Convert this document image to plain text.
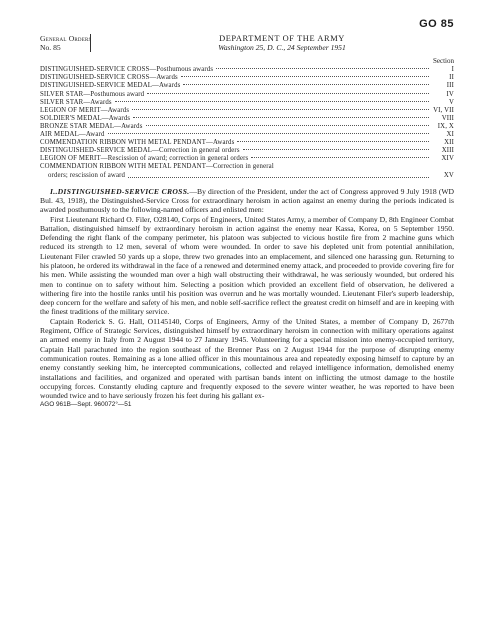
GO 85
General Orders
No. 85
DEPARTMENT OF THE ARMY
Washington 25, D. C., 24 September 1951
Section
DISTINGUISHED-SERVICE CROSS—Posthumous awards	I
DISTINGUISHED-SERVICE CROSS—Awards	II
DISTINGUISHED-SERVICE MEDAL—Awards	III
SILVER STAR—Posthumous award	IV
SILVER STAR—Awards	V
LEGION OF MERIT—Awards	VI, VII
SOLDIER'S MEDAL—Awards	VIII
BRONZE STAR MEDAL—Awards	IX, X
AIR MEDAL—Award	XI
COMMENDATION RIBBON WITH METAL PENDANT—Awards	XII
DISTINGUISHED-SERVICE MEDAL—Correction in general orders	XIII
LEGION OF MERIT—Rescission of award; correction in general orders	XIV
COMMENDATION RIBBON WITH METAL PENDANT—Correction in general
orders; rescission of award	XV
I..DISTINGUISHED-SERVICE CROSS.—By direction of the President, under the act of Congress approved 9 July 1918 (WD Bul. 43, 1918), the Distinguished-Service Cross for extraordinary heroism in action against an enemy during the periods indicated is awarded posthumously to the following-named officers and enlisted men:

First Lieutenant Richard O. Filer, O28140, Corps of Engineers, United States Army, a member of Company D, 8th Engineer Combat Battalion, distinguished himself by extraordinary heroism in action against the enemy near Kassa, Korea, on 5 September 1950. Defending the right flank of the company perimeter, his platoon was subjected to vicious hostile fire from 2 machine guns which reduced its strength to 12 men, several of whom were wounded. In order to save his depleted unit from potential annihilation, Lieutenant Filer crawled 50 yards up a slope, threw two grenades into an emplacement, and silenced one harassing gun. Returning to his platoon, he ordered its withdrawal in the face of a renewed and determined enemy attack, and proceeded to provide covering fire for his men. While assisting the wounded man over a high wall obstructing their withdrawal, he was seriously wounded, but ordered his men to continue on to safety without him. Selecting a position which provided an excellent field of observation, he delivered a withering fire into the hostile ranks until his position was overrun and he was mortally wounded. Lieutenant Filer's superb leadership, deep concern for the welfare and safety of his men, and noble self-sacrifice reflect the greatest credit on himself and are in keeping with the finest traditions of the military service.

Captain Roderick S. G. Hall, O1145140, Corps of Engineers, Army of the United States, a member of Company D, 2677th Regiment, Office of Strategic Services, distinguished himself by extraordinary heroism in connection with military operations against an armed enemy in Italy from 2 August 1944 to 27 January 1945. Volunteering for a special mission into enemy-occupied territory, Captain Hall parachuted into the region southeast of the Brenner Pass on 2 August 1944 for the purpose of disrupting enemy communication routes. Remaining as a lone allied officer in this mountainous area and repeatedly exposing himself to capture by an enemy constantly seeking him, he intercepted communications, collected and relayed intelligence information, demolished enemy installations and facilities, and organized and operated with partisan bands intent on inflicting the utmost damage to the hostile occupying forces. Constantly eluding capture and frequently exposed to the severe winter weather, he was reported to have been wounded twice and to have seriously frozen his feet during his gallant ex-

AGO 961B—Sept. 960072°—51
